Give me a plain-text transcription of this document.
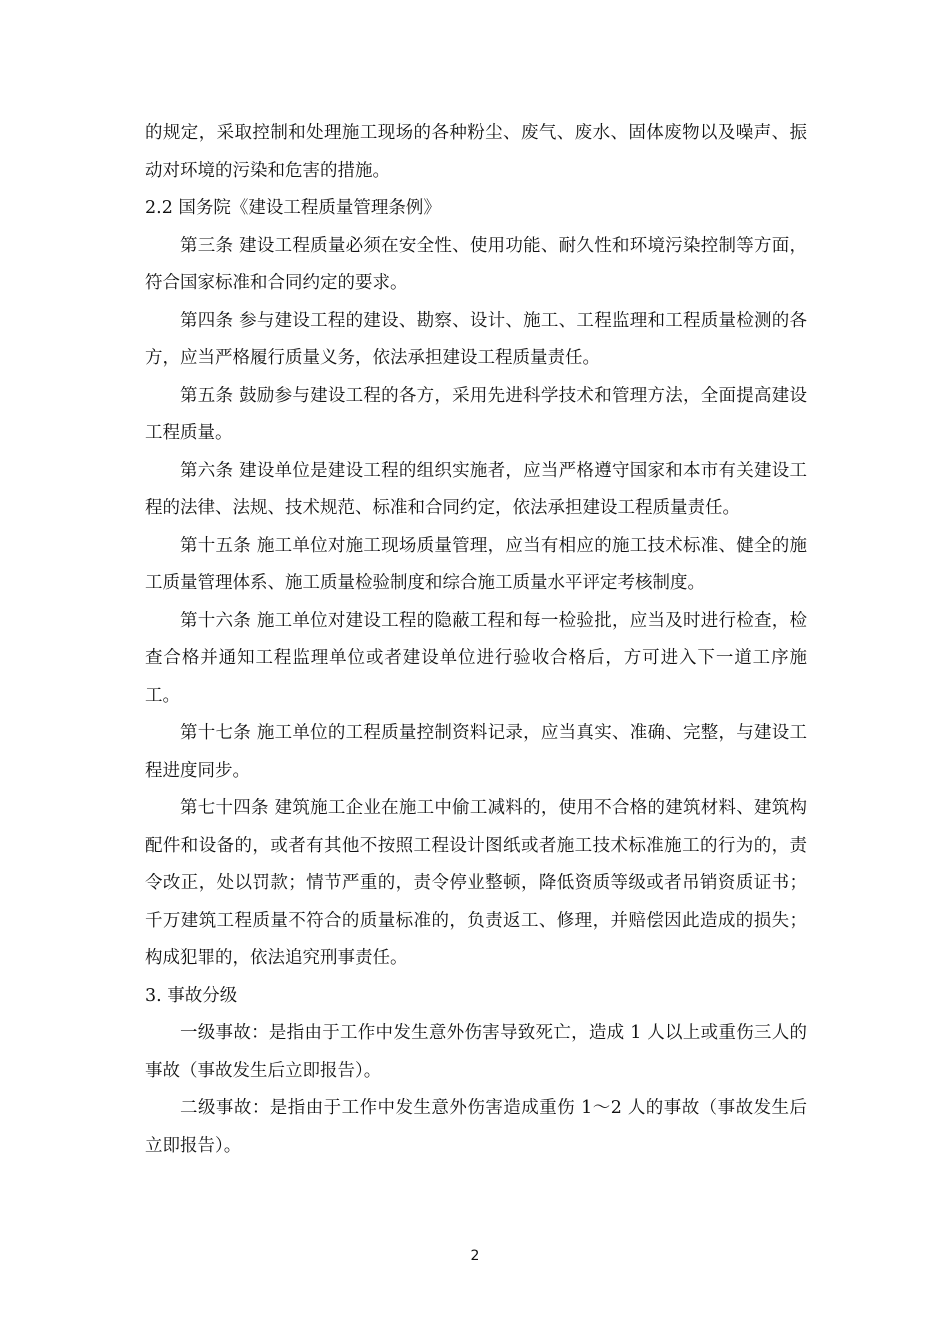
的规定，采取控制和处理施工现场的各种粉尘、废气、废水、固体废物以及噪声、振动对环境的污染和危害的措施。

2.2 国务院《建设工程质量管理条例》

第三条 建设工程质量必须在安全性、使用功能、耐久性和环境污染控制等方面，符合国家标准和合同约定的要求。

第四条 参与建设工程的建设、勘察、设计、施工、工程监理和工程质量检测的各方，应当严格履行质量义务，依法承担建设工程质量责任。

第五条 鼓励参与建设工程的各方，采用先进科学技术和管理方法，全面提高建设工程质量。

第六条 建设单位是建设工程的组织实施者，应当严格遵守国家和本市有关建设工程的法律、法规、技术规范、标准和合同约定，依法承担建设工程质量责任。

第十五条 施工单位对施工现场质量管理，应当有相应的施工技术标准、健全的施工质量管理体系、施工质量检验制度和综合施工质量水平评定考核制度。

第十六条 施工单位对建设工程的隐蔽工程和每一检验批，应当及时进行检查，检查合格并通知工程监理单位或者建设单位进行验收合格后，方可进入下一道工序施工。

第十七条 施工单位的工程质量控制资料记录，应当真实、准确、完整，与建设工程进度同步。

第七十四条 建筑施工企业在施工中偷工减料的，使用不合格的建筑材料、建筑构配件和设备的，或者有其他不按照工程设计图纸或者施工技术标准施工的行为的，责令改正，处以罚款；情节严重的，责令停业整顿，降低资质等级或者吊销资质证书；千万建筑工程质量不符合的质量标准的，负责返工、修理，并赔偿因此造成的损失；构成犯罪的，依法追究刑事责任。

3. 事故分级

一级事故：是指由于工作中发生意外伤害导致死亡，造成 1 人以上或重伤三人的事故（事故发生后立即报告）。

二级事故：是指由于工作中发生意外伤害造成重伤 1～2 人的事故（事故发生后立即报告）。

2
